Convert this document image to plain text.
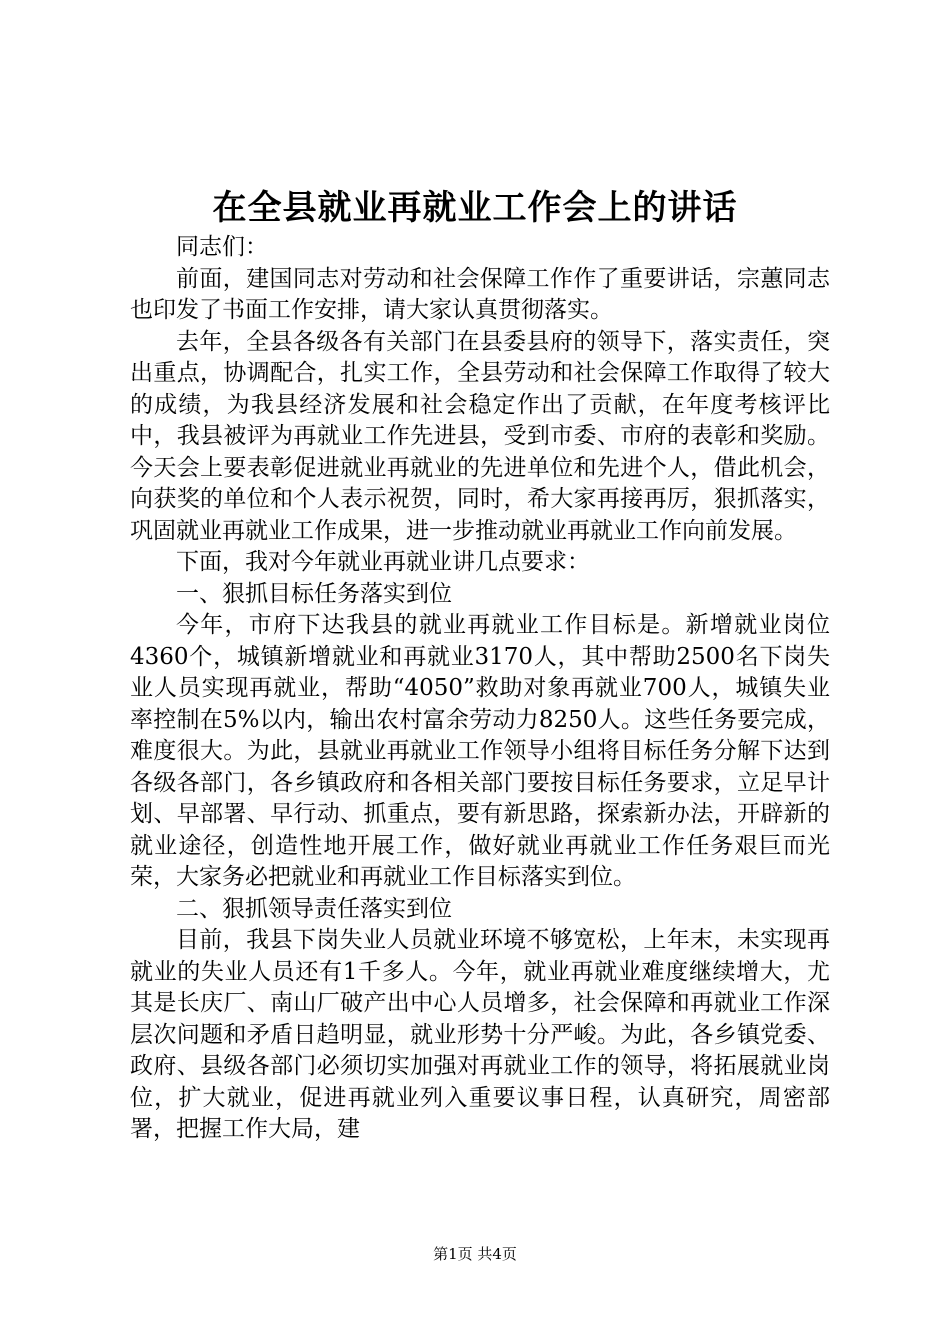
在全县就业再就业工作会上的讲话

同志们：

前面，建国同志对劳动和社会保障工作作了重要讲话，宗蕙同志也印发了书面工作安排，请大家认真贯彻落实。

去年，全县各级各有关部门在县委县府的领导下，落实责任，突出重点，协调配合，扎实工作，全县劳动和社会保障工作取得了较大的成绩，为我县经济发展和社会稳定作出了贡献，在年度考核评比中，我县被评为再就业工作先进县，受到市委、市府的表彰和奖励。今天会上要表彰促进就业再就业的先进单位和先进个人，借此机会，向获奖的单位和个人表示祝贺，同时，希大家再接再厉，狠抓落实，巩固就业再就业工作成果，进一步推动就业再就业工作向前发展。

下面，我对今年就业再就业讲几点要求：

一、狠抓目标任务落实到位

今年，市府下达我县的就业再就业工作目标是。新增就业岗位4360个，城镇新增就业和再就业3170人，其中帮助2500名下岗失业人员实现再就业，帮助“4050”救助对象再就业700人，城镇失业率控制在5%以内，输出农村富余劳动力8250人。这些任务要完成，难度很大。为此，县就业再就业工作领导小组将目标任务分解下达到各级各部门，各乡镇政府和各相关部门要按目标任务要求，立足早计划、早部署、早行动、抓重点，要有新思路，探索新办法，开辟新的就业途径，创造性地开展工作，做好就业再就业工作任务艰巨而光荣，大家务必把就业和再就业工作目标落实到位。

二、狠抓领导责任落实到位

目前，我县下岗失业人员就业环境不够宽松，上年末，未实现再就业的失业人员还有1千多人。今年，就业再就业难度继续增大，尤其是长庆厂、南山厂破产出中心人员增多，社会保障和再就业工作深层次问题和矛盾日趋明显，就业形势十分严峻。为此，各乡镇党委、政府、县级各部门必须切实加强对再就业工作的领导，将拓展就业岗位，扩大就业，促进再就业列入重要议事日程，认真研究，周密部署，把握工作大局，建

第1页 共4页
